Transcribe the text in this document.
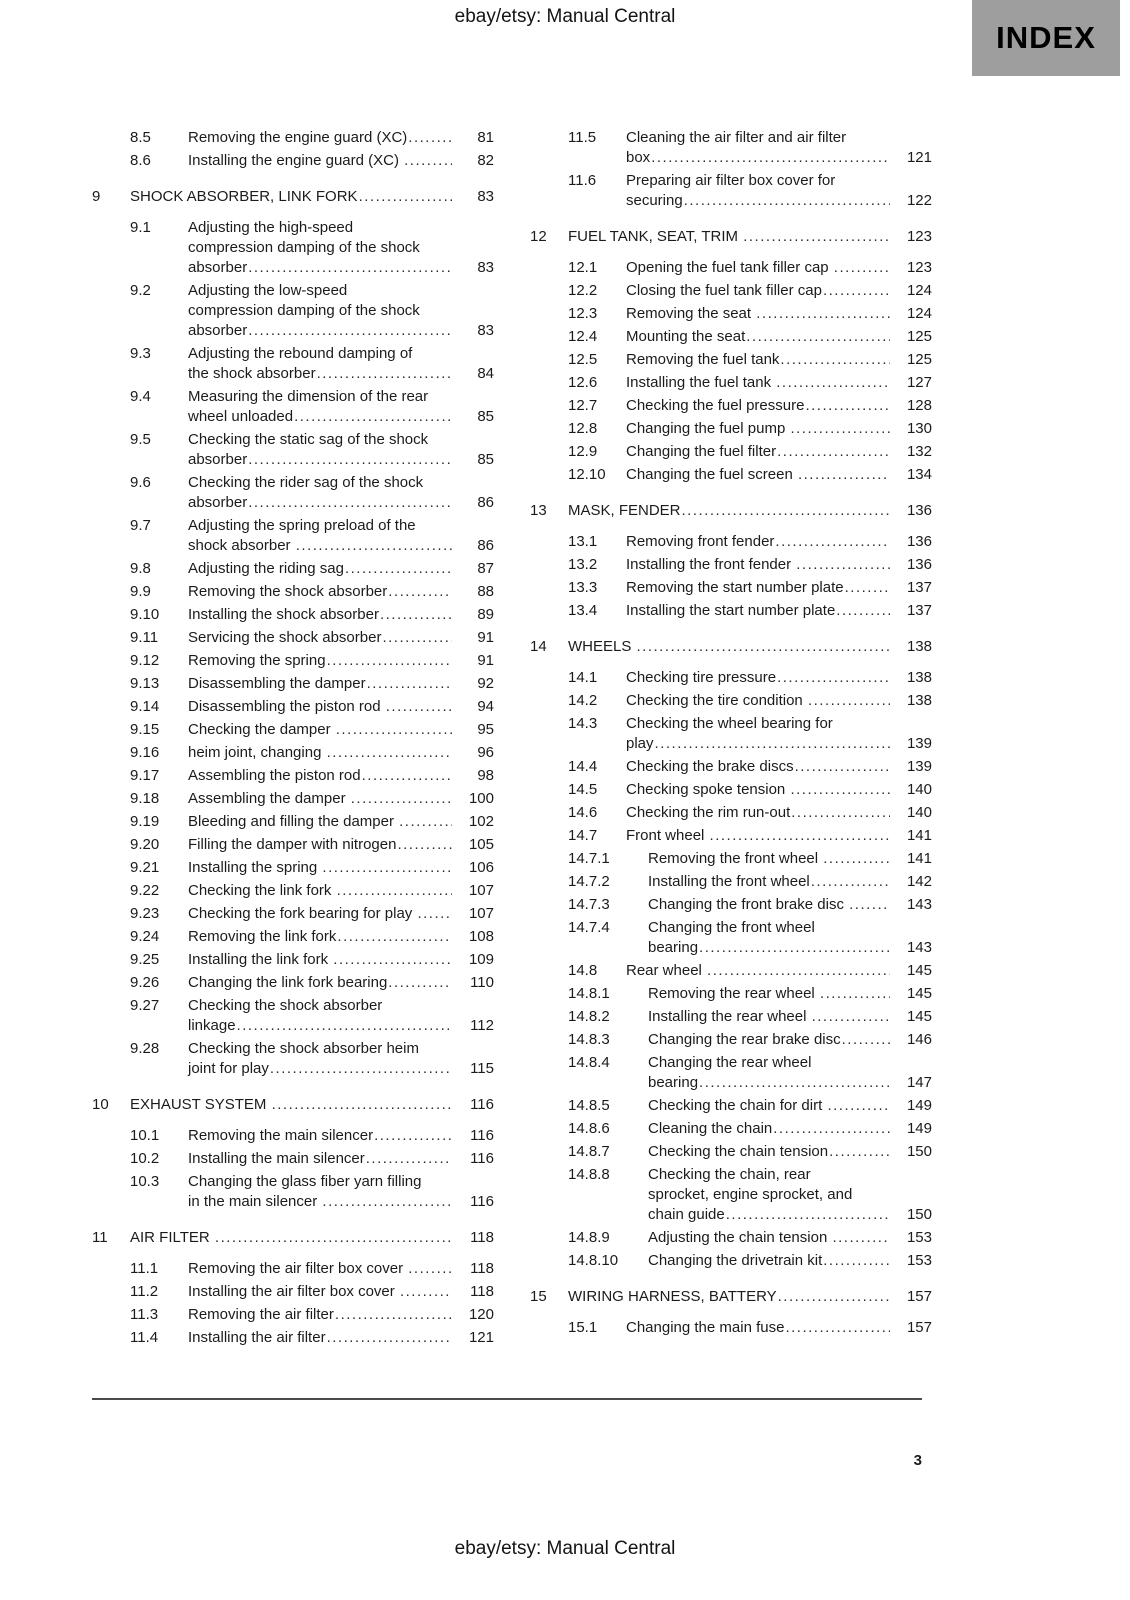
ebay/etsy: Manual Central
INDEX
8.5	Removing the engine guard (XC) .....	81
8.6	Installing the engine guard (XC) .....	82
9	SHOCK ABSORBER, LINK FORK .....	83
9.1	Adjusting the high-speed
compression damping of the shock
absorber .....	83
9.2	Adjusting the low-speed
compression damping of the shock
absorber .....	83
9.3	Adjusting the rebound damping of
the shock absorber .....	84
9.4	Measuring the dimension of the rear
wheel unloaded .....	85
9.5	Checking the static sag of the shock
absorber .....	85
9.6	Checking the rider sag of the shock
absorber .....	86
9.7	Adjusting the spring preload of the
shock absorber .....	86
9.8	Adjusting the riding sag .....	87
9.9	Removing the shock absorber .....	88
9.10	Installing the shock absorber .....	89
9.11	Servicing the shock absorber .....	91
9.12	Removing the spring .....	91
9.13	Disassembling the damper .....	92
9.14	Disassembling the piston rod .....	94
9.15	Checking the damper .....	95
9.16	heim joint, changing .....	96
9.17	Assembling the piston rod .....	98
9.18	Assembling the damper .....	100
9.19	Bleeding and filling the damper .....	102
9.20	Filling the damper with nitrogen .....	105
9.21	Installing the spring .....	106
9.22	Checking the link fork .....	107
9.23	Checking the fork bearing for play .....	107
9.24	Removing the link fork .....	108
9.25	Installing the link fork .....	109
9.26	Changing the link fork bearing .....	110
9.27	Checking the shock absorber
linkage .....	112
9.28	Checking the shock absorber heim
joint for play .....	115
10	EXHAUST SYSTEM .....	116
10.1	Removing the main silencer .....	116
10.2	Installing the main silencer .....	116
10.3	Changing the glass fiber yarn filling
in the main silencer .....	116
11	AIR FILTER .....	118
11.1	Removing the air filter box cover .....	118
11.2	Installing the air filter box cover .....	118
11.3	Removing the air filter .....	120
11.4	Installing the air filter .....	121
11.5	Cleaning the air filter and air filter
box .....	121
11.6	Preparing air filter box cover for
securing .....	122
12	FUEL TANK, SEAT, TRIM .....	123
12.1	Opening the fuel tank filler cap .....	123
12.2	Closing the fuel tank filler cap .....	124
12.3	Removing the seat .....	124
12.4	Mounting the seat .....	125
12.5	Removing the fuel tank .....	125
12.6	Installing the fuel tank .....	127
12.7	Checking the fuel pressure .....	128
12.8	Changing the fuel pump .....	130
12.9	Changing the fuel filter .....	132
12.10	Changing the fuel screen .....	134
13	MASK, FENDER .....	136
13.1	Removing front fender .....	136
13.2	Installing the front fender .....	136
13.3	Removing the start number plate .....	137
13.4	Installing the start number plate .....	137
14	WHEELS .....	138
14.1	Checking tire pressure .....	138
14.2	Checking the tire condition .....	138
14.3	Checking the wheel bearing for
play .....	139
14.4	Checking the brake discs .....	139
14.5	Checking spoke tension .....	140
14.6	Checking the rim run-out .....	140
14.7	Front wheel .....	141
14.7.1	Removing the front wheel .....	141
14.7.2	Installing the front wheel .....	142
14.7.3	Changing the front brake disc .....	143
14.7.4	Changing the front wheel
bearing .....	143
14.8	Rear wheel .....	145
14.8.1	Removing the rear wheel .....	145
14.8.2	Installing the rear wheel .....	145
14.8.3	Changing the rear brake disc .....	146
14.8.4	Changing the rear wheel
bearing .....	147
14.8.5	Checking the chain for dirt .....	149
14.8.6	Cleaning the chain .....	149
14.8.7	Checking the chain tension .....	150
14.8.8	Checking the chain, rear
sprocket, engine sprocket, and
chain guide .....	150
14.8.9	Adjusting the chain tension .....	153
14.8.10	Changing the drivetrain kit .....	153
15	WIRING HARNESS, BATTERY .....	157
15.1	Changing the main fuse .....	157
3
ebay/etsy: Manual Central
